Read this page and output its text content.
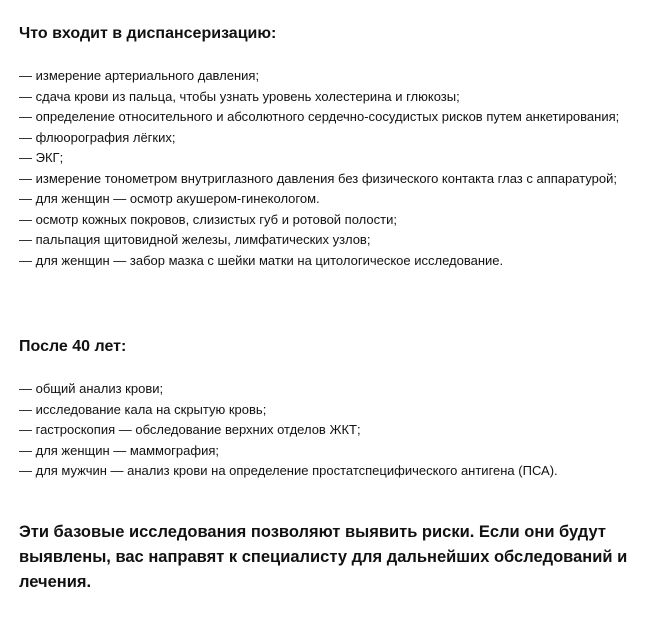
Что входит в диспансеризацию:
— измерение артериального давления;
— сдача крови из пальца, чтобы узнать уровень холестерина и глюкозы;
— определение относительного и абсолютного сердечно-сосудистых рисков путем анкетирования;
— флюорография лёгких;
— ЭКГ;
— измерение тонометром внутриглазного давления без физического контакта глаз с аппаратурой;
— для женщин — осмотр акушером-гинекологом.
— осмотр кожных покровов, слизистых губ и ротовой полости;
— пальпация щитовидной железы, лимфатических узлов;
— для женщин — забор мазка с шейки матки на цитологическое исследование.
После 40 лет:
— общий анализ крови;
— исследование кала на скрытую кровь;
— гастроскопия — обследование верхних отделов ЖКТ;
— для женщин — маммография;
— для мужчин — анализ крови на определение простатспецифического антигена (ПСА).

Эти базовые исследования позволяют выявить риски. Если они будут выявлены, вас направят к специалисту для дальнейших обследований и лечения.
